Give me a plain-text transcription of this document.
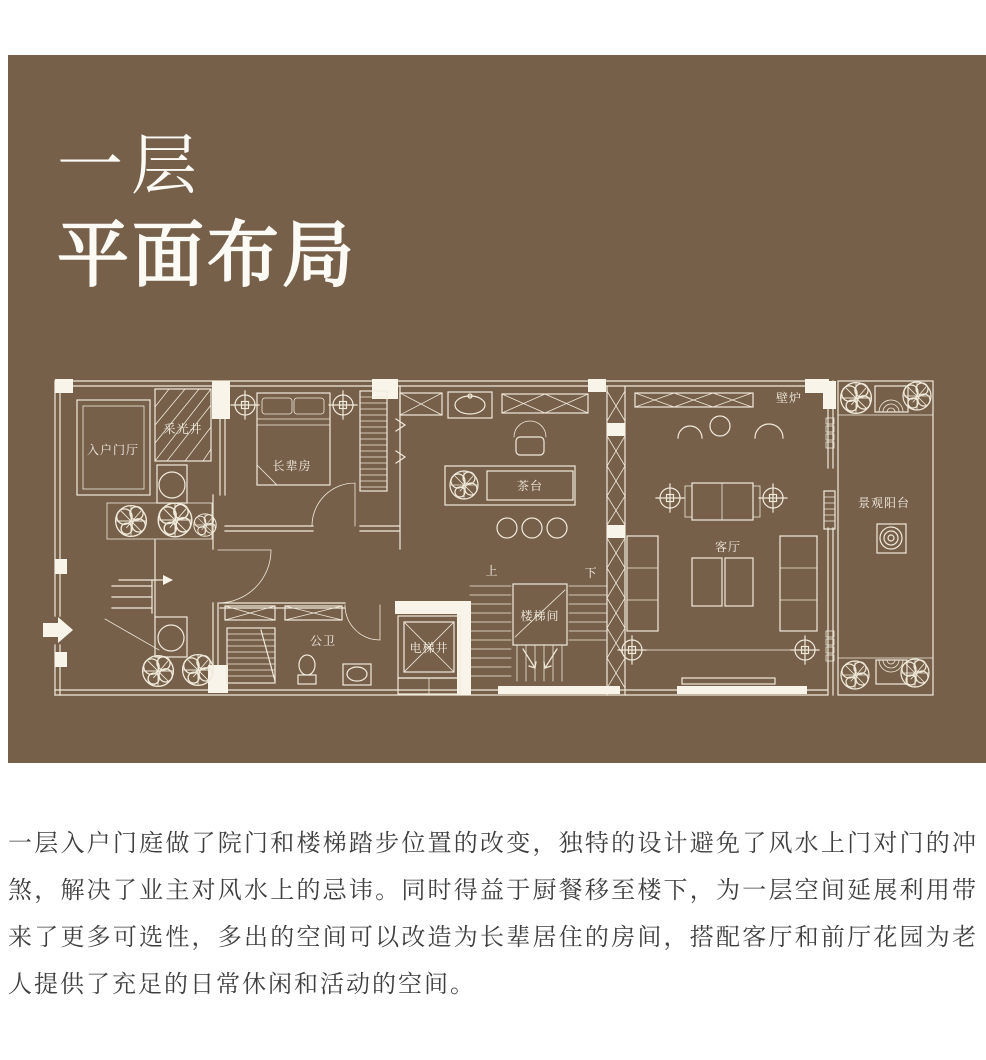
一层
平面布局
入户门厅
采光井
长辈房
茶台
上	下
楼梯间
电梯井
公卫
客厅
壁炉
景观阳台
一层入户门庭做了院门和楼梯踏步位置的改变，独特的设计避免了风水上门对门的冲煞，解决了业主对风水上的忌讳。同时得益于厨餐移至楼下，为一层空间延展利用带来了更多可选性，多出的空间可以改造为长辈居住的房间，搭配客厅和前厅花园为老人提供了充足的日常休闲和活动的空间。
